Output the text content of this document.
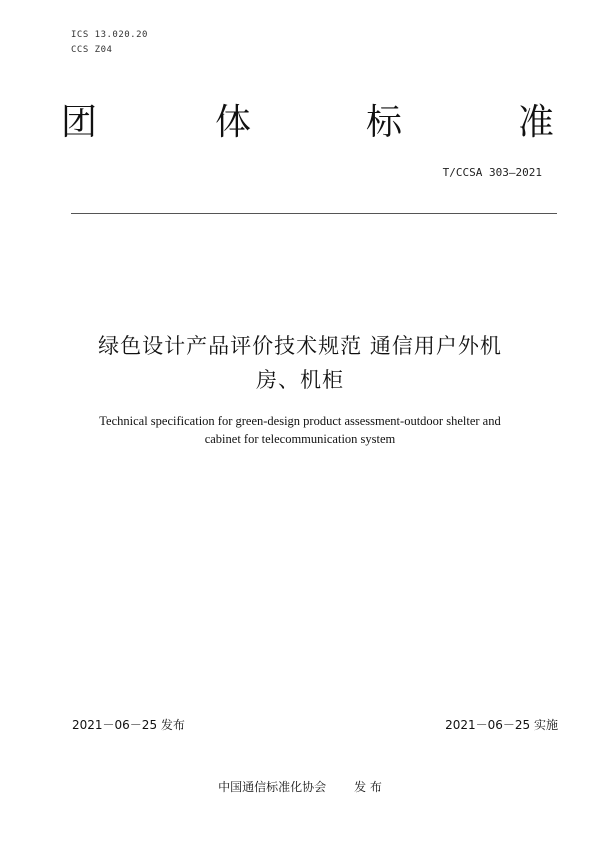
ICS 13.020.20
CCS Z04
团	体	标	准
T/CCSA 303—2021
绿色设计产品评价技术规范 通信用户外机
房、机柜
Technical specification for green-design product assessment-outdoor shelter and
cabinet for telecommunication system
2021－06－25 发布	2021－06－25 实施
中国通信标准化协会 发 布
